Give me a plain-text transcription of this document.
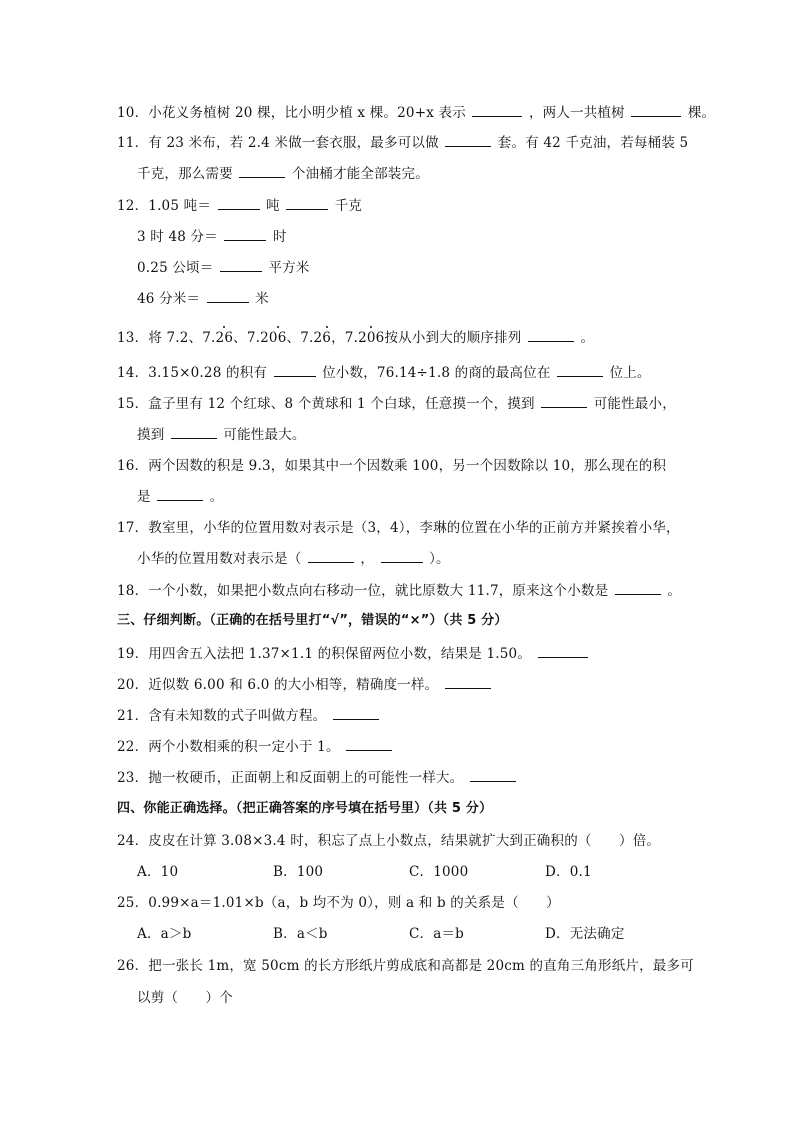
10．小花义务植树 20 棵，比小明少植 x 棵。20+x 表示	，两人一共植树	棵。
11．有 23 米布，若 2.4 米做一套衣服，最多可以做	套。有 42 千克油，若每桶装 5
千克，那么需要	个油桶才能全部装完。
12．1.05 吨＝	吨	千克
3 时 48 分＝	时
0.25 公顷＝	平方米
46 分米＝	米
13．将 7.2、7.26、7.206、7.26，7.206按从小到大的顺序排列	。
14．3.15×0.28 的积有	位小数，76.14÷1.8 的商的最高位在	位上。
15．盒子里有 12 个红球、8 个黄球和 1 个白球，任意摸一个，摸到	可能性最小，
摸到	可能性最大。
16．两个因数的积是 9.3，如果其中一个因数乘 100，另一个因数除以 10，那么现在的积
是	。
17．教室里，小华的位置用数对表示是（3，4），李琳的位置在小华的正前方并紧挨着小华，
小华的位置用数对表示是（	，	）。
18．一个小数，如果把小数点向右移动一位，就比原数大 11.7，原来这个小数是	。
三、仔细判断。（正确的在括号里打“√”，错误的“×”）（共 5 分）
19．用四舍五入法把 1.37×1.1 的积保留两位小数，结果是 1.50。
20．近似数 6.00 和 6.0 的大小相等，精确度一样。
21．含有未知数的式子叫做方程。
22．两个小数相乘的积一定小于 1。
23．抛一枚硬币，正面朝上和反面朝上的可能性一样大。
四、你能正确选择。（把正确答案的序号填在括号里）（共 5 分）
24．皮皮在计算 3.08×3.4 时，积忘了点上小数点，结果就扩大到正确积的（　　）倍。
A．10	B．100	C．1000	D．0.1
25．0.99×a＝1.01×b（a，b 均不为 0），则 a 和 b 的关系是（　　）
A．a＞b	B．a＜b	C．a＝b	D．无法确定
26．把一张长 1m，宽 50cm 的长方形纸片剪成底和高都是 20cm 的直角三角形纸片，最多可
以剪（　　）个
